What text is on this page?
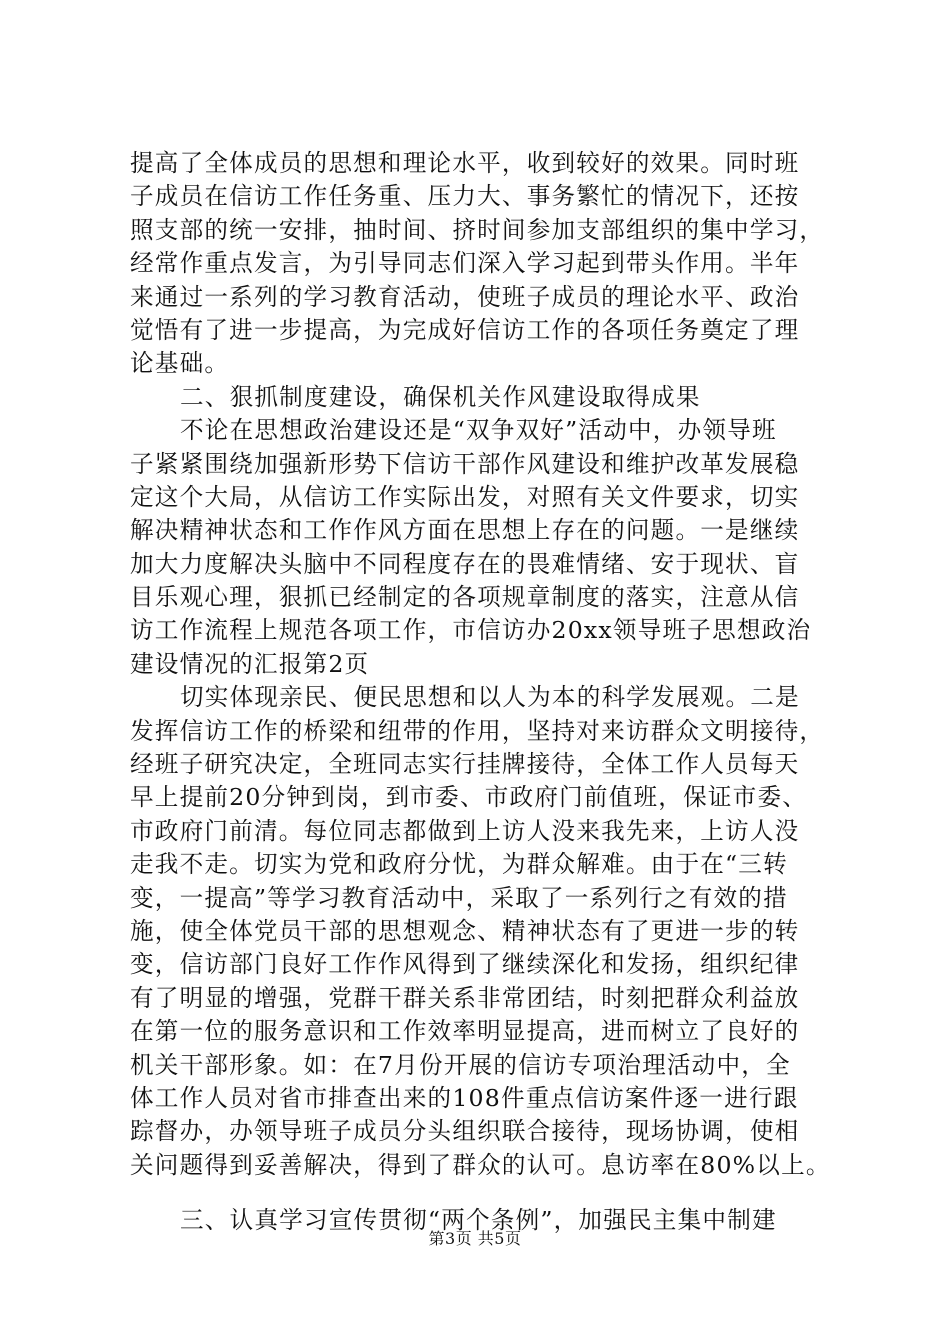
提高了全体成员的思想和理论水平，收到较好的效果。同时班
子成员在信访工作任务重、压力大、事务繁忙的情况下，还按
照支部的统一安排，抽时间、挤时间参加支部组织的集中学习，
经常作重点发言，为引导同志们深入学习起到带头作用。半年
来通过一系列的学习教育活动，使班子成员的理论水平、政治
觉悟有了进一步提高，为完成好信访工作的各项任务奠定了理
论基础。
二、狠抓制度建设，确保机关作风建设取得成果
不论在思想政治建设还是“双争双好”活动中，办领导班
子紧紧围绕加强新形势下信访干部作风建设和维护改革发展稳
定这个大局，从信访工作实际出发，对照有关文件要求，切实
解决精神状态和工作作风方面在思想上存在的问题。一是继续
加大力度解决头脑中不同程度存在的畏难情绪、安于现状、盲
目乐观心理，狠抓已经制定的各项规章制度的落实，注意从信
访工作流程上规范各项工作，市信访办20xx领导班子思想政治
建设情况的汇报第2页
切实体现亲民、便民思想和以人为本的科学发展观。二是
发挥信访工作的桥梁和纽带的作用，坚持对来访群众文明接待，
经班子研究决定，全班同志实行挂牌接待，全体工作人员每天
早上提前20分钟到岗，到市委、市政府门前值班，保证市委、
市政府门前清。每位同志都做到上访人没来我先来，上访人没
走我不走。切实为党和政府分忧，为群众解难。由于在“三转
变，一提高”等学习教育活动中，采取了一系列行之有效的措
施，使全体党员干部的思想观念、精神状态有了更进一步的转
变，信访部门良好工作作风得到了继续深化和发扬，组织纪律
有了明显的增强，党群干群关系非常团结，时刻把群众利益放
在第一位的服务意识和工作效率明显提高，进而树立了良好的
机关干部形象。如：在7月份开展的信访专项治理活动中，全
体工作人员对省市排查出来的108件重点信访案件逐一进行跟
踪督办，办领导班子成员分头组织联合接待，现场协调，使相
关问题得到妥善解决，得到了群众的认可。息访率在80%以上。
三、认真学习宣传贯彻“两个条例”，加强民主集中制建
第3页 共5页
